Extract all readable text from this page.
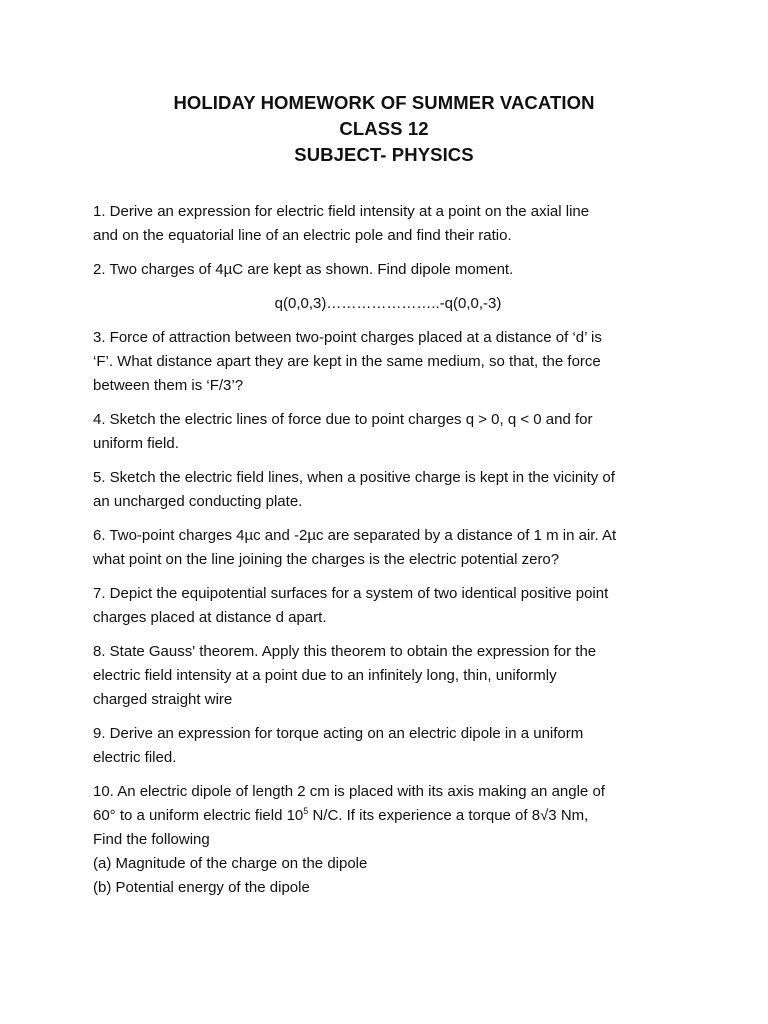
HOLIDAY HOMEWORK OF SUMMER VACATION
CLASS 12
SUBJECT- PHYSICS
1. Derive an expression for electric field intensity at a point on the axial line
and on the equatorial line of an electric pole and find their ratio.
2. Two charges of 4µC are kept as shown. Find dipole moment.
q(0,0,3)…………………..-q(0,0,-3)
3. Force of attraction between two-point charges placed at a distance of ‘d’ is
‘F’. What distance apart they are kept in the same medium, so that, the force
between them is ‘F/3’?
4. Sketch the electric lines of force due to point charges q > 0, q < 0 and for
uniform field.
5. Sketch the electric field lines, when a positive charge is kept in the vicinity of
an uncharged conducting plate.
6. Two-point charges 4µc and -2µc are separated by a distance of 1 m in air. At
what point on the line joining the charges is the electric potential zero?
7. Depict the equipotential surfaces for a system of two identical positive point
charges placed at distance d apart.
8. State Gauss' theorem. Apply this theorem to obtain the expression for the
electric field intensity at a point due to an infinitely long, thin, uniformly
charged straight wire
9. Derive an expression for torque acting on an electric dipole in a uniform
electric filed.
10. An electric dipole of length 2 cm is placed with its axis making an angle of
60° to a uniform electric field $10^5$ N/C. If its experience a torque of 8√3 Nm,
Find the following
(a) Magnitude of the charge on the dipole
(b) Potential energy of the dipole
